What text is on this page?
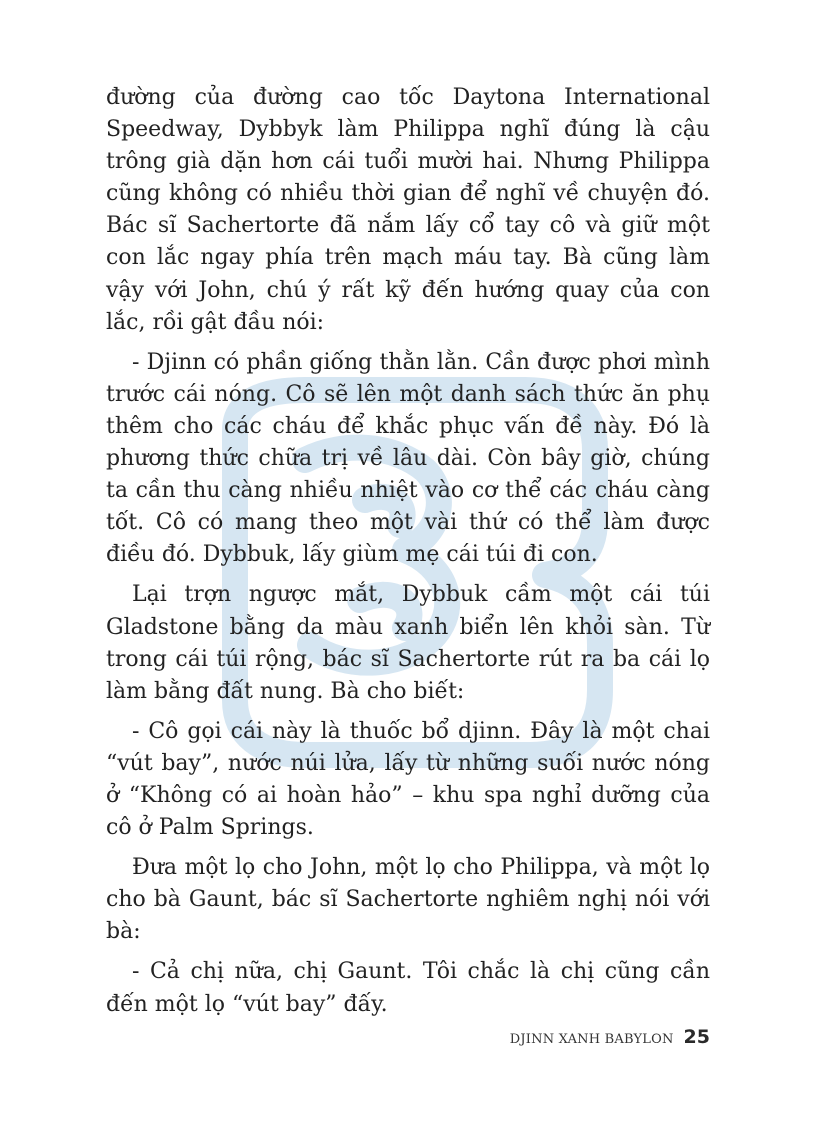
đường của đường cao tốc Daytona International Speedway, Dybbyk làm Philippa nghĩ đúng là cậu trông già dặn hơn cái tuổi mười hai. Nhưng Philippa cũng không có nhiều thời gian để nghĩ về chuyện đó. Bác sĩ Sachertorte đã nắm lấy cổ tay cô và giữ một con lắc ngay phía trên mạch máu tay. Bà cũng làm vậy với John, chú ý rất kỹ đến hướng quay của con lắc, rồi gật đầu nói:

- Djinn có phần giống thằn lằn. Cần được phơi mình trước cái nóng. Cô sẽ lên một danh sách thức ăn phụ thêm cho các cháu để khắc phục vấn đề này. Đó là phương thức chữa trị về lâu dài. Còn bây giờ, chúng ta cần thu càng nhiều nhiệt vào cơ thể các cháu càng tốt. Cô có mang theo một vài thứ có thể làm được điều đó. Dybbuk, lấy giùm mẹ cái túi đi con.

Lại trợn ngược mắt, Dybbuk cầm một cái túi Gladstone bằng da màu xanh biển lên khỏi sàn. Từ trong cái túi rộng, bác sĩ Sachertorte rút ra ba cái lọ làm bằng đất nung. Bà cho biết:

- Cô gọi cái này là thuốc bổ djinn. Đây là một chai “vút bay”, nước núi lửa, lấy từ những suối nước nóng ở “Không có ai hoàn hảo” – khu spa nghỉ dưỡng của cô ở Palm Springs.

Đưa một lọ cho John, một lọ cho Philippa, và một lọ cho bà Gaunt, bác sĩ Sachertorte nghiêm nghị nói với bà:

- Cả chị nữa, chị Gaunt. Tôi chắc là chị cũng cần đến một lọ “vút bay” đấy.

DJINN XANH BABYLON 25
